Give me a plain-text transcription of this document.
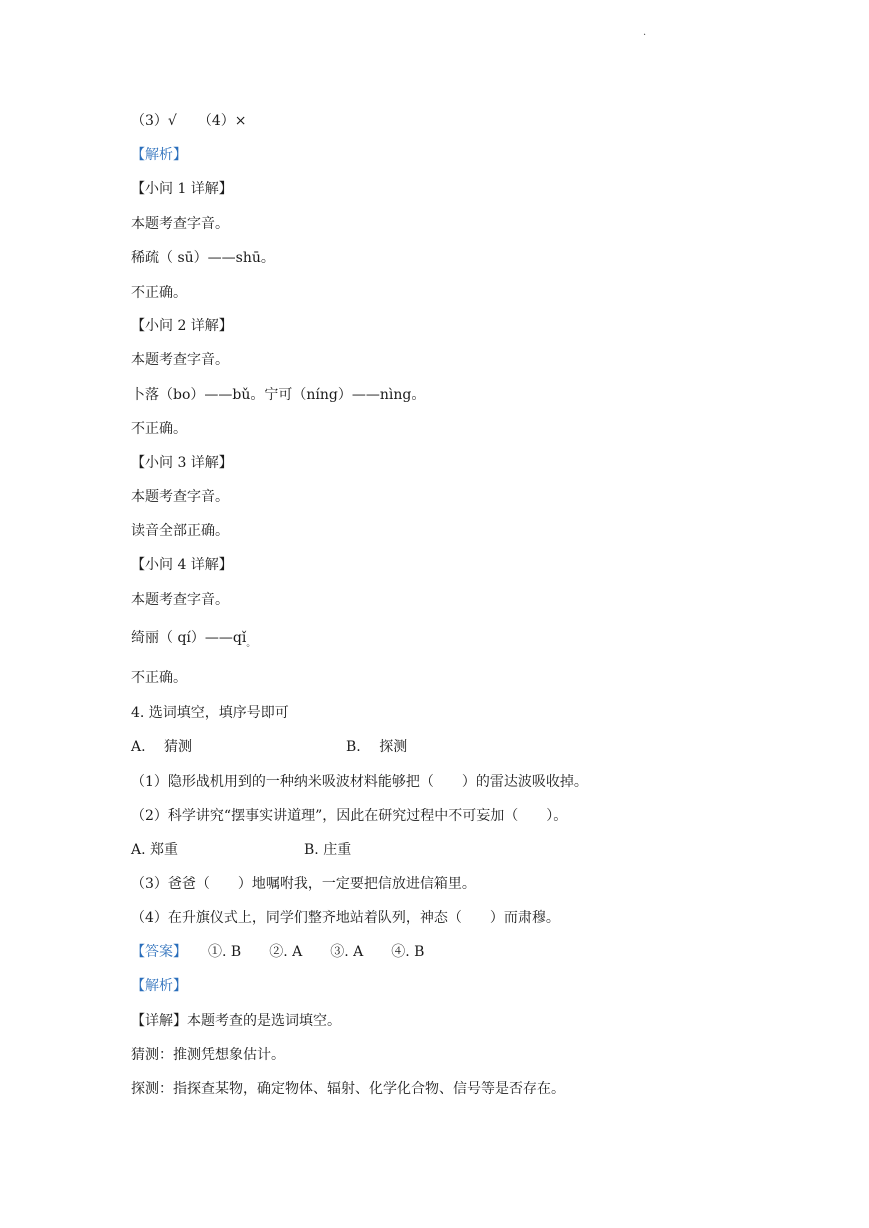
·
（3）√　　（4）×
【解析】
【小问 1 详解】
本题考查字音。
稀疏（ sū）——shū。
不正确。
【小问 2 详解】
本题考查字音。
卜落（bo）——bǔ。宁可（níng）——nìng。
不正确。
【小问 3 详解】
本题考查字音。
读音全部正确。
【小问 4 详解】
本题考查字音。
绮丽（ $qí)——qǐ_。$
不正确。
4. 选词填空，填序号即可
A.　 猜测　　　　　　　　　　　B.　 探测
（1）隐形战机用到的一种纳米吸波材料能够把（　　）的雷达波吸收掉。
（2）科学讲究“摆事实讲道理”，因此在研究过程中不可妄加（　　）。
A. 郑重　　　　　　　　　B. 庄重
（3）爸爸（　　）地嘱咐我，一定要把信放进信箱里。
（4）在升旗仪式上，同学们整齐地站着队列，神态（　　）而肃穆。
【答案】　　 ①. B　　②. A　　③. A　　④. B
【解析】
【详解】本题考查的是选词填空。
猜测：推测凭想象估计。
探测：指探查某物，确定物体、辐射、化学化合物、信号等是否存在。
